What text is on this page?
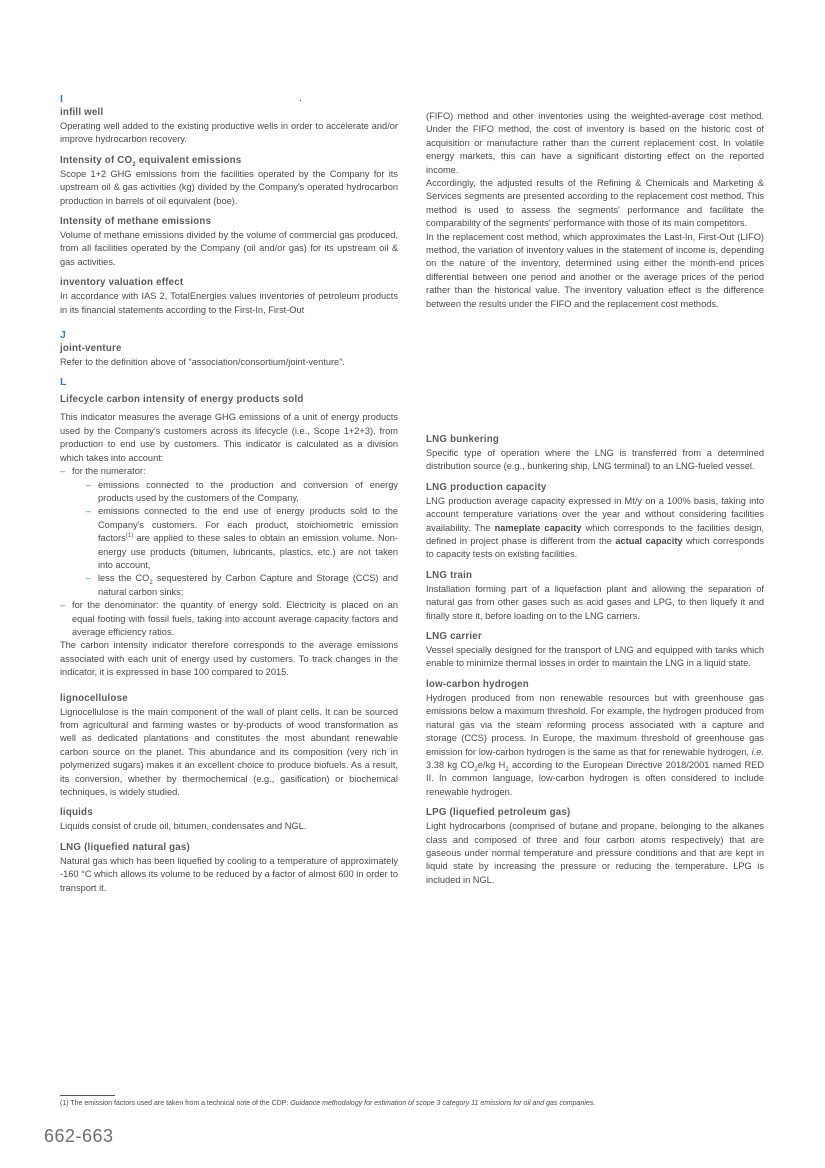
I
infill well

Operating well added to the existing productive wells in order to accelerate and/or improve hydrocarbon recovery.

Intensity of $CO_2$ equivalent emissions

Scope 1+2 GHG emissions from the facilities operated by the Company for its upstream oil & gas activities (kg) divided by the Company's operated hydrocarbon production in barrels of oil equivalent (boe).

Intensity of methane emissions

Volume of methane emissions divided by the volume of commercial gas produced, from all facilities operated by the Company (oil and/or gas) for its upstream oil & gas activities.

inventory valuation effect

In accordance with IAS 2, TotalEnergies values inventories of petroleum products in its financial statements according to the First-In, First-Out

J
joint-venture

Refer to the definition above of “association/consortium/joint-venture”.

L
Lifecycle carbon intensity of energy products sold

This indicator measures the average GHG emissions of a unit of energy products used by the Company's customers across its lifecycle (i.e., Scope 1+2+3), from production to end use by customers. This indicator is calculated as a division which takes into account:

– for the numerator:
– emissions connected to the production and conversion of energy products used by the customers of the Company,
– emissions connected to the end use of energy products sold to the Company's customers. For each product, stoichiometric emission factors$^{(1)}$ are applied to these sales to obtain an emission volume. Non-energy use products (bitumen, lubricants, plastics, etc.) are not taken into account,
– less the $CO_2$ sequestered by Carbon Capture and Storage (CCS) and natural carbon sinks;
– for the denominator: the quantity of energy sold. Electricity is placed on an equal footing with fossil fuels, taking into account average capacity factors and average efficiency ratios.

The carbon intensity indicator therefore corresponds to the average emissions associated with each unit of energy used by customers. To track changes in the indicator, it is expressed in base 100 compared to 2015.

lignocellulose

Lignocellulose is the main component of the wall of plant cells. It can be sourced from agricultural and farming wastes or by-products of wood transformation as well as dedicated plantations and constitutes the most abundant renewable carbon source on the planet. This abundance and its composition (very rich in polymerized sugars) makes it an excellent choice to produce biofuels. As a result, its conversion, whether by thermochemical (e.g., gasification) or biochemical techniques, is widely studied.

liquids

Liquids consist of crude oil, bitumen, condensates and NGL.

LNG (liquefied natural gas)

Natural gas which has been liquefied by cooling to a temperature of approximately -160 °C which allows its volume to be reduced by a factor of almost 600 in order to transport it.

(FIFO) method and other inventories using the weighted-average cost method. Under the FIFO method, the cost of inventory is based on the historic cost of acquisition or manufacture rather than the current replacement cost. In volatile energy markets, this can have a significant distorting effect on the reported income.

Accordingly, the adjusted results of the Refining & Chemicals and Marketing & Services segments are presented according to the replacement cost method. This method is used to assess the segments' performance and facilitate the comparability of the segments' performance with those of its main competitors.

In the replacement cost method, which approximates the Last-In, First-Out (LIFO) method, the variation of inventory values in the statement of income is, depending on the nature of the inventory, determined using either the month-end prices differential between one period and another or the average prices of the period rather than the historical value. The inventory valuation effect is the difference between the results under the FIFO and the replacement cost methods.

LNG bunkering

Specific type of operation where the LNG is transferred from a determined distribution source (e.g., bunkering ship, LNG terminal) to an LNG-fueled vessel.

LNG production capacity

LNG production average capacity expressed in Mt/y on a 100% basis, taking into account temperature variations over the year and without considering facilities availability. The nameplate capacity which corresponds to the facilities design, defined in project phase is different from the actual capacity which corresponds to capacity tests on existing facilities.

LNG train

Installation forming part of a liquefaction plant and allowing the separation of natural gas from other gases such as acid gases and LPG, to then liquefy it and finally store it, before loading on to the LNG carriers.

LNG carrier

Vessel specially designed for the transport of LNG and equipped with tanks which enable to minimize thermal losses in order to maintain the LNG in a liquid state.

low-carbon hydrogen

Hydrogen produced from non renewable resources but with greenhouse gas emissions below a maximum threshold. For example, the hydrogen produced from natural gas via the steam reforming process associated with a capture and storage (CCS) process. In Europe, the maximum threshold of greenhouse gas emission for low-carbon hydrogen is the same as that for renewable hydrogen, i.e. 3.38 kg $CO_2e/kg$ $H_2$ according to the European Directive 2018/2001 named RED II. In common language, low-carbon hydrogen is often considered to include renewable hydrogen.

LPG (liquefied petroleum gas)

Light hydrocarbons (comprised of butane and propane, belonging to the alkanes class and composed of three and four carbon atoms respectively) that are gaseous under normal temperature and pressure conditions and that are kept in liquid state by increasing the pressure or reducing the temperature. LPG is included in NGL.

(1) The emission factors used are taken from a technical note of the CDP: Guidance methodology for estimation of scope 3 category 11 emissions for oil and gas companies.
662-663
